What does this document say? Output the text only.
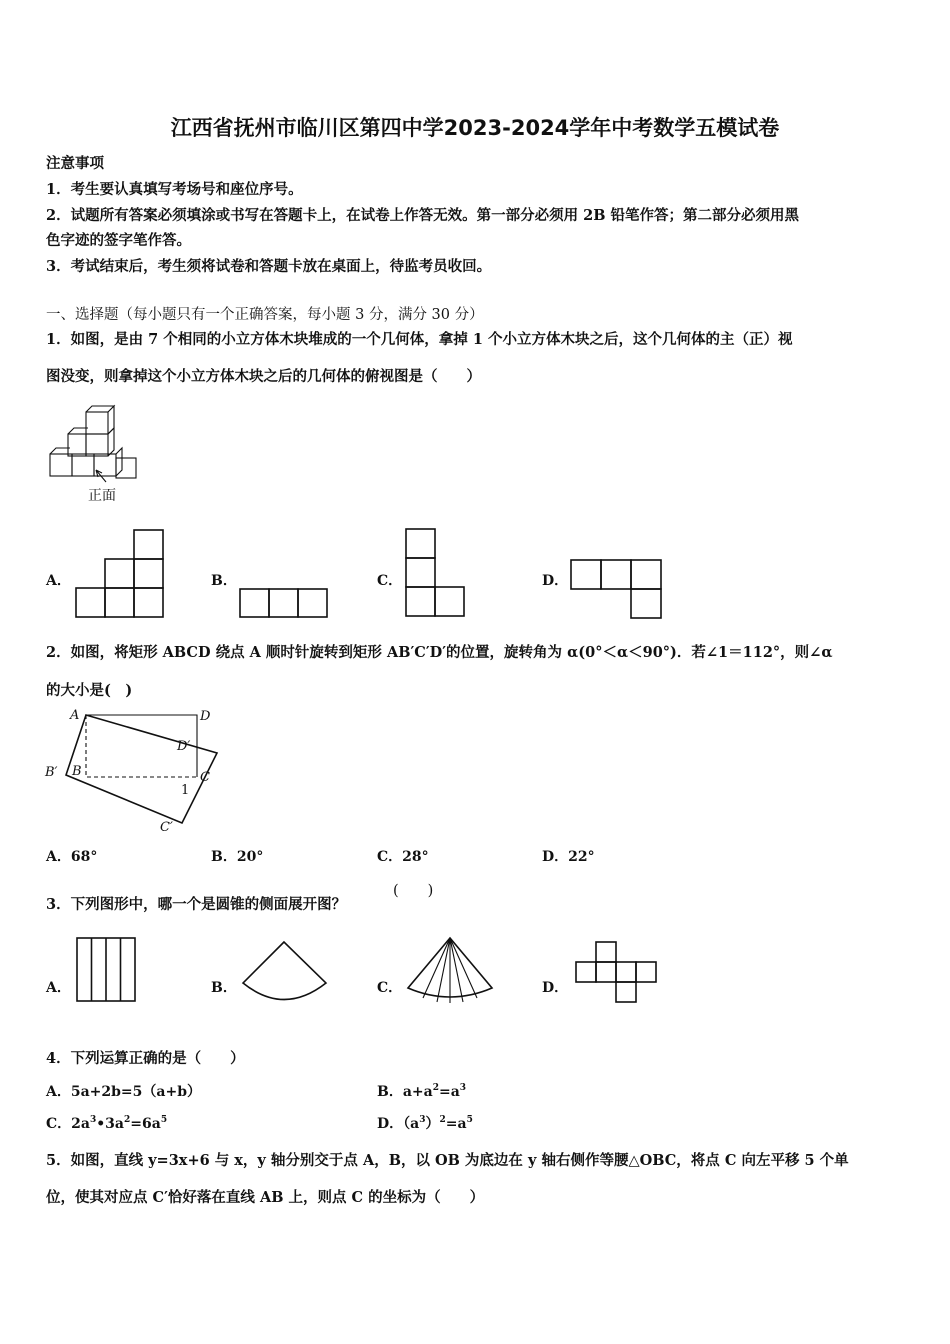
江西省抚州市临川区第四中学2023-2024学年中考数学五模试卷
注意事项
1．考生要认真填写考场号和座位序号。
2．试题所有答案必须填涂或书写在答题卡上，在试卷上作答无效。第一部分必须用 2B 铅笔作答；第二部分必须用黑
色字迹的签字笔作答。
3．考试结束后，考生须将试卷和答题卡放在桌面上，待监考员收回。
一、选择题（每小题只有一个正确答案，每小题 3 分，满分 30 分）
1．如图，是由 7 个相同的小立方体木块堆成的一个几何体，拿掉 1 个小立方体木块之后，这个几何体的主（正）视
图没变，则拿掉这个小立方体木块之后的几何体的俯视图是（　　）
正面
A．	B．	C．	D．
2．如图，将矩形 ABCD 绕点 A 顺时针旋转到矩形 AB′C′D′的位置，旋转角为 α(0°＜α＜90°)．若∠1＝112°，则∠α
的大小是(　)
A	D
D′
B′ B	C
1
C′
A．68°	B．20°	C．28°	D．22°
3．下列图形中，哪一个是圆锥的侧面展开图？
(　　)
A．	B．	C．	D．
4．下列运算正确的是（　　）
A．5a+2b=5（a+b）	B．$a+a^2=a^3$
C．$2a^3•3a^2=6a^5$	D．$(a^3)^2=a^5$
5．如图，直线 y=3x+6 与 x，y 轴分别交于点 A，B，以 OB 为底边在 y 轴右侧作等腰△OBC，将点 C 向左平移 5 个单
位，使其对应点 C′恰好落在直线 AB 上，则点 C 的坐标为（　　）
